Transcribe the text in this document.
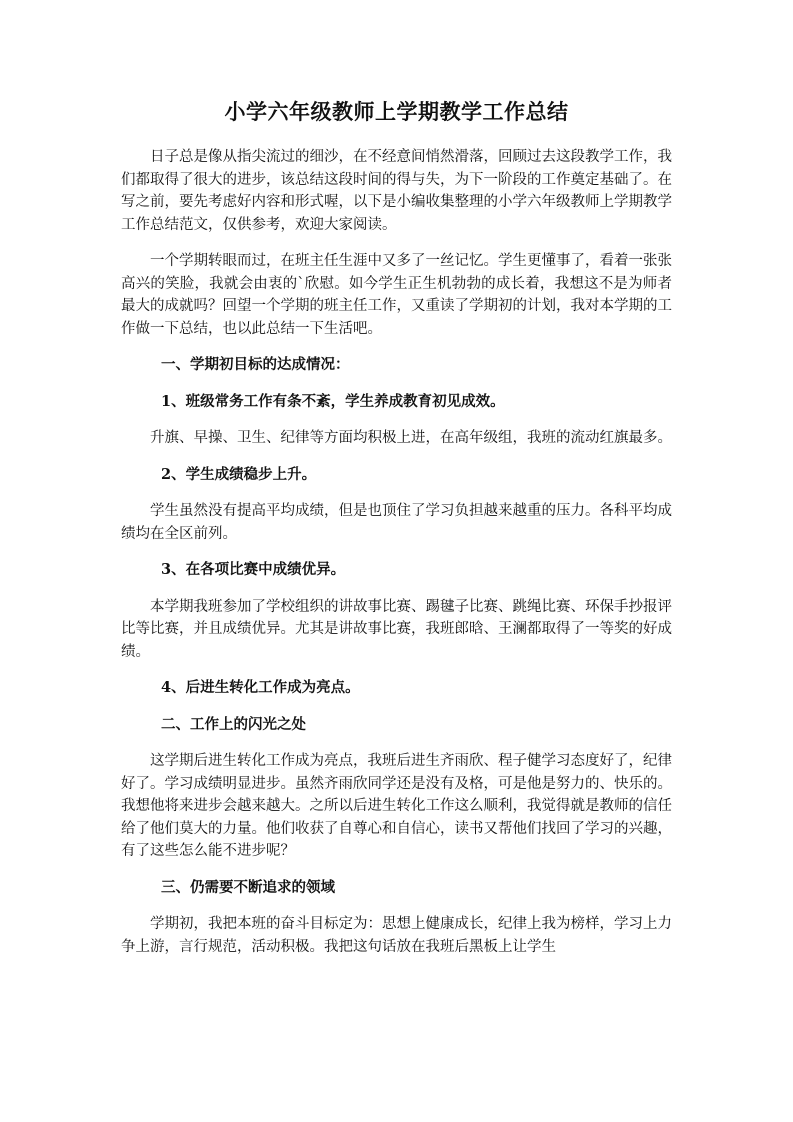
小学六年级教师上学期教学工作总结

日子总是像从指尖流过的细沙，在不经意间悄然滑落，回顾过去这段教学工作，我们都取得了很大的进步，该总结这段时间的得与失，为下一阶段的工作奠定基础了。在写之前，要先考虑好内容和形式喔，以下是小编收集整理的小学六年级教师上学期教学工作总结范文，仅供参考，欢迎大家阅读。

一个学期转眼而过，在班主任生涯中又多了一丝记忆。学生更懂事了，看着一张张高兴的笑脸，我就会由衷的`欣慰。如今学生正生机勃勃的成长着，我想这不是为师者最大的成就吗？回望一个学期的班主任工作，又重读了学期初的计划，我对本学期的工作做一下总结，也以此总结一下生活吧。

一、学期初目标的达成情况：

1、班级常务工作有条不紊，学生养成教育初见成效。

升旗、早操、卫生、纪律等方面均积极上进，在高年级组，我班的流动红旗最多。

2、学生成绩稳步上升。

学生虽然没有提高平均成绩，但是也顶住了学习负担越来越重的压力。各科平均成绩均在全区前列。

3、在各项比赛中成绩优异。

本学期我班参加了学校组织的讲故事比赛、踢毽子比赛、跳绳比赛、环保手抄报评比等比赛，并且成绩优异。尤其是讲故事比赛，我班郎晗、王澜都取得了一等奖的好成绩。

4、后进生转化工作成为亮点。

二、工作上的闪光之处

这学期后进生转化工作成为亮点，我班后进生齐雨欣、程子健学习态度好了，纪律好了。学习成绩明显进步。虽然齐雨欣同学还是没有及格，可是他是努力的、快乐的。我想他将来进步会越来越大。之所以后进生转化工作这么顺利，我觉得就是教师的信任给了他们莫大的力量。他们收获了自尊心和自信心，读书又帮他们找回了学习的兴趣，有了这些怎么能不进步呢？

三、仍需要不断追求的领域

学期初，我把本班的奋斗目标定为：思想上健康成长，纪律上我为榜样，学习上力争上游，言行规范，活动积极。我把这句话放在我班后黑板上让学生
